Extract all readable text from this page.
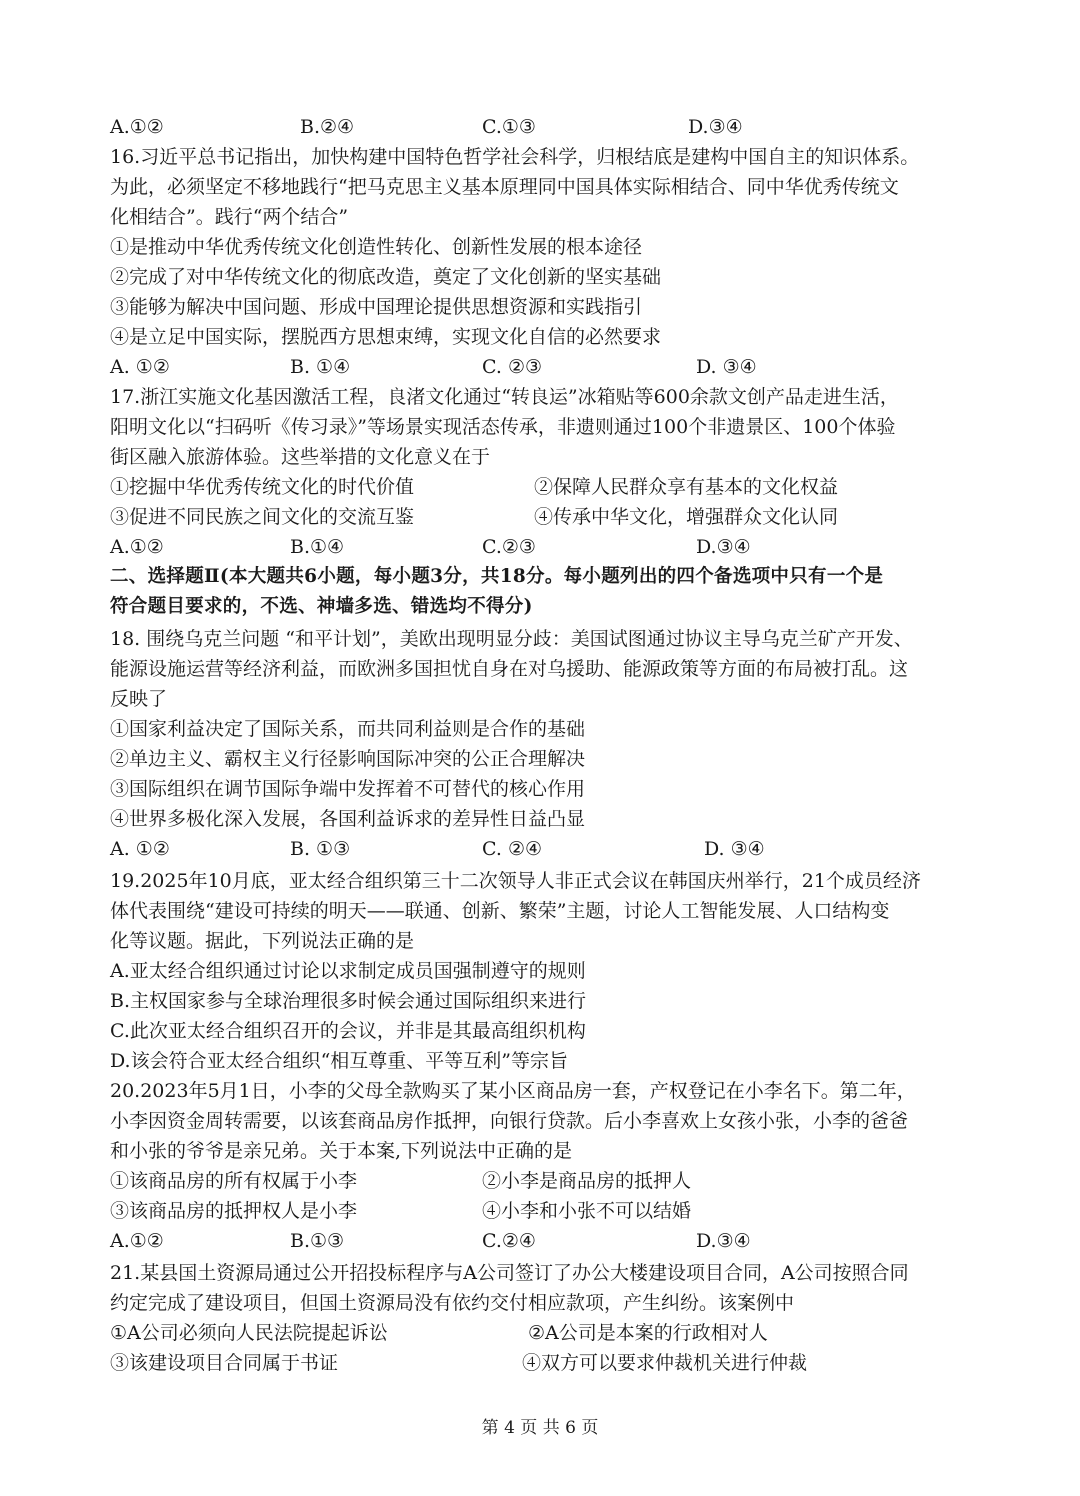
A.①②	B.②④	C.①③	D.③④
16.习近平总书记指出，加快构建中国特色哲学社会科学，归根结底是建构中国自主的知识体系。
为此，必须坚定不移地践行“把马克思主义基本原理同中国具体实际相结合、同中华优秀传统文
化相结合”。践行“两个结合”
①是推动中华优秀传统文化创造性转化、创新性发展的根本途径
②完成了对中华传统文化的彻底改造，奠定了文化创新的坚实基础
③能够为解决中国问题、形成中国理论提供思想资源和实践指引
④是立足中国实际，摆脱西方思想束缚，实现文化自信的必然要求
A. ①②	B. ①④	C. ②③	D. ③④
17.浙江实施文化基因激活工程，良渚文化通过“转良运”冰箱贴等600余款文创产品走进生活，
阳明文化以“扫码听《传习录》”等场景实现活态传承，非遗则通过100个非遗景区、100个体验
街区融入旅游体验。这些举措的文化意义在于
①挖掘中华优秀传统文化的时代价值	②保障人民群众享有基本的文化权益
③促进不同民族之间文化的交流互鉴	④传承中华文化，增强群众文化认同
A.①②	B.①④	C.②③	D.③④
二、选择题Ⅱ(本大题共6小题，每小题3分，共18分。每小题列出的四个备选项中只有一个是
符合题目要求的，不选、神墙多选、错选均不得分)
18. 围绕乌克兰问题 “和平计划”，美欧出现明显分歧：美国试图通过协议主导乌克兰矿产开发、
能源设施运营等经济利益，而欧洲多国担忧自身在对乌援助、能源政策等方面的布局被打乱。这
反映了
①国家利益决定了国际关系，而共同利益则是合作的基础
②单边主义、霸权主义行径影响国际冲突的公正合理解决
③国际组织在调节国际争端中发挥着不可替代的核心作用
④世界多极化深入发展，各国利益诉求的差异性日益凸显
A. ①②	B. ①③	C. ②④	D. ③④
19.2025年10月底，亚太经合组织第三十二次领导人非正式会议在韩国庆州举行，21个成员经济
体代表围绕“建设可持续的明天——联通、创新、繁荣”主题，讨论人工智能发展、人口结构变
化等议题。据此，下列说法正确的是
A.亚太经合组织通过讨论以求制定成员国强制遵守的规则
B.主权国家参与全球治理很多时候会通过国际组织来进行
C.此次亚太经合组织召开的会议，并非是其最高组织机构
D.该会符合亚太经合组织“相互尊重、平等互利”等宗旨
20.2023年5月1日，小李的父母全款购买了某小区商品房一套，产权登记在小李名下。第二年，
小李因资金周转需要，以该套商品房作抵押，向银行贷款。后小李喜欢上女孩小张，小李的爸爸
和小张的爷爷是亲兄弟。关于本案,下列说法中正确的是
①该商品房的所有权属于小李	②小李是商品房的抵押人
③该商品房的抵押权人是小李	④小李和小张不可以结婚
A.①②	B.①③	C.②④	D.③④
21.某县国土资源局通过公开招投标程序与A公司签订了办公大楼建设项目合同，A公司按照合同
约定完成了建设项目，但国土资源局没有依约交付相应款项，产生纠纷。该案例中
①A公司必须向人民法院提起诉讼	②A公司是本案的行政相对人
③该建设项目合同属于书证	④双方可以要求仲裁机关进行仲裁
第 4 页 共 6 页
